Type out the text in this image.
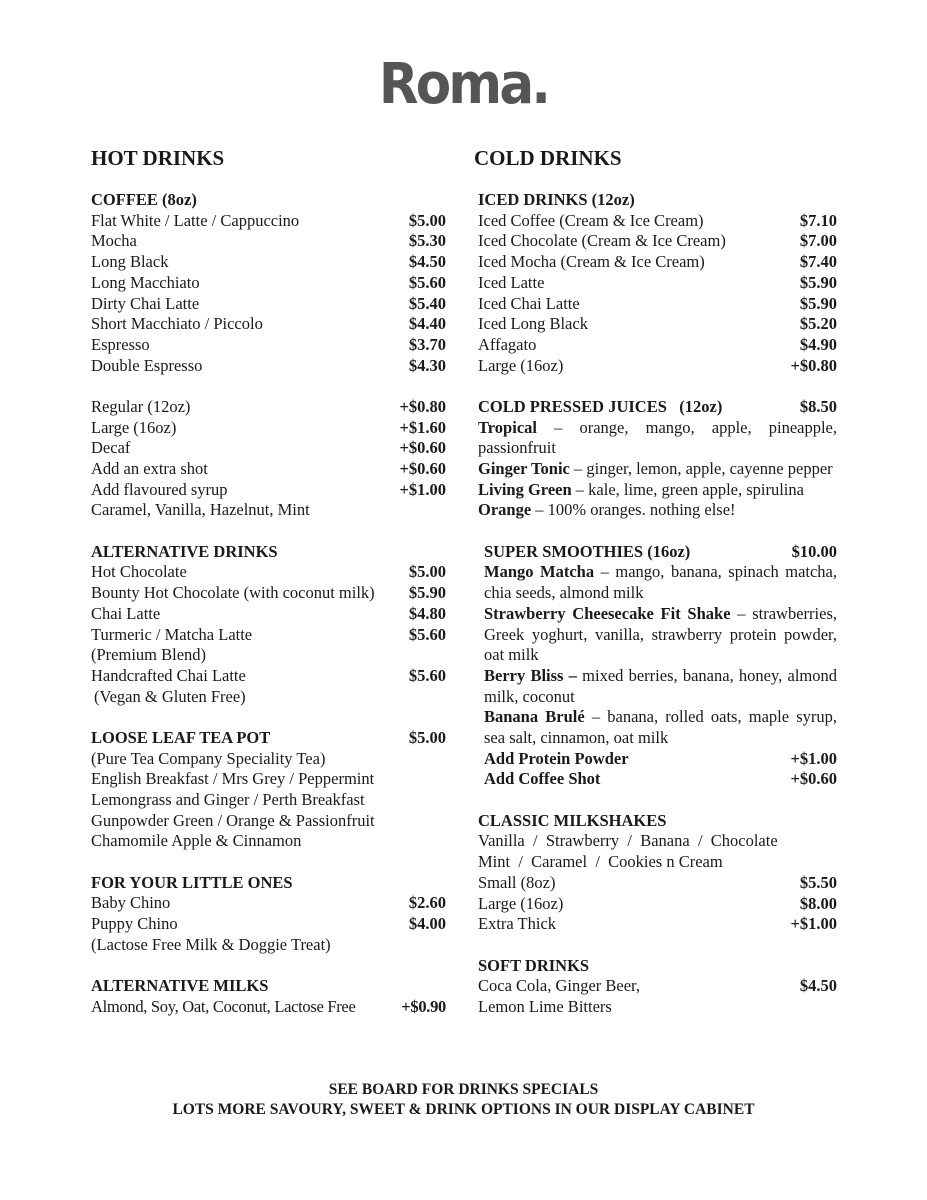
Roma.
HOT DRINKS
COFFEE (8oz)
Flat White / Latte / Cappuccino	$5.00
Mocha	$5.30
Long Black	$4.50
Long Macchiato	$5.60
Dirty Chai Latte	$5.40
Short Macchiato / Piccolo	$4.40
Espresso	$3.70
Double Espresso	$4.30
Regular (12oz)	+$0.80
Large (16oz)	+$1.60
Decaf	+$0.60
Add an extra shot	+$0.60
Add flavoured syrup	+$1.00
Caramel, Vanilla, Hazelnut, Mint
ALTERNATIVE DRINKS
Hot Chocolate	$5.00
Bounty Hot Chocolate (with coconut milk) $5.90
Chai Latte	$4.80
Turmeric / Matcha Latte	$5.60
(Premium Blend)
Handcrafted Chai Latte	$5.60
(Vegan & Gluten Free)
LOOSE LEAF TEA POT	$5.00
(Pure Tea Company Speciality Tea)
English Breakfast / Mrs Grey / Peppermint
Lemongrass and Ginger / Perth Breakfast
Gunpowder Green / Orange & Passionfruit
Chamomile Apple & Cinnamon
FOR YOUR LITTLE ONES
Baby Chino	$2.60
Puppy Chino	$4.00
(Lactose Free Milk & Doggie Treat)
ALTERNATIVE MILKS
Almond, Soy, Oat, Coconut, Lactose Free	+$0.90
COLD DRINKS
ICED DRINKS (12oz)
Iced Coffee (Cream & Ice Cream)	$7.10
Iced Chocolate (Cream & Ice Cream)	$7.00
Iced Mocha (Cream & Ice Cream)	$7.40
Iced Latte	$5.90
Iced Chai Latte	$5.90
Iced Long Black	$5.20
Affagato	$4.90
Large (16oz)	+$0.80
COLD PRESSED JUICES   (12oz)	$8.50
Tropical – orange, mango, apple, pineapple, passionfruit
Ginger Tonic – ginger, lemon, apple, cayenne pepper
Living Green – kale, lime, green apple, spirulina
Orange – 100% oranges. nothing else!
SUPER SMOOTHIES (16oz)	$10.00
Mango Matcha – mango, banana, spinach matcha, chia seeds, almond milk
Strawberry Cheesecake Fit Shake – strawberries, Greek yoghurt, vanilla, strawberry protein powder, oat milk
Berry Bliss – mixed berries, banana, honey, almond milk, coconut
Banana Brulé – banana, rolled oats, maple syrup, sea salt, cinnamon, oat milk
Add Protein Powder	+$1.00
Add Coffee Shot	+$0.60
CLASSIC MILKSHAKES
Vanilla  /  Strawberry  /  Banana  /  Chocolate
Mint  /  Caramel  /  Cookies n Cream
Small (8oz)	$5.50
Large (16oz)	$8.00
Extra Thick	+$1.00
SOFT DRINKS
Coca Cola, Ginger Beer,	$4.50
Lemon Lime Bitters
SEE BOARD FOR DRINKS SPECIALS
LOTS MORE SAVOURY, SWEET & DRINK OPTIONS IN OUR DISPLAY CABINET
